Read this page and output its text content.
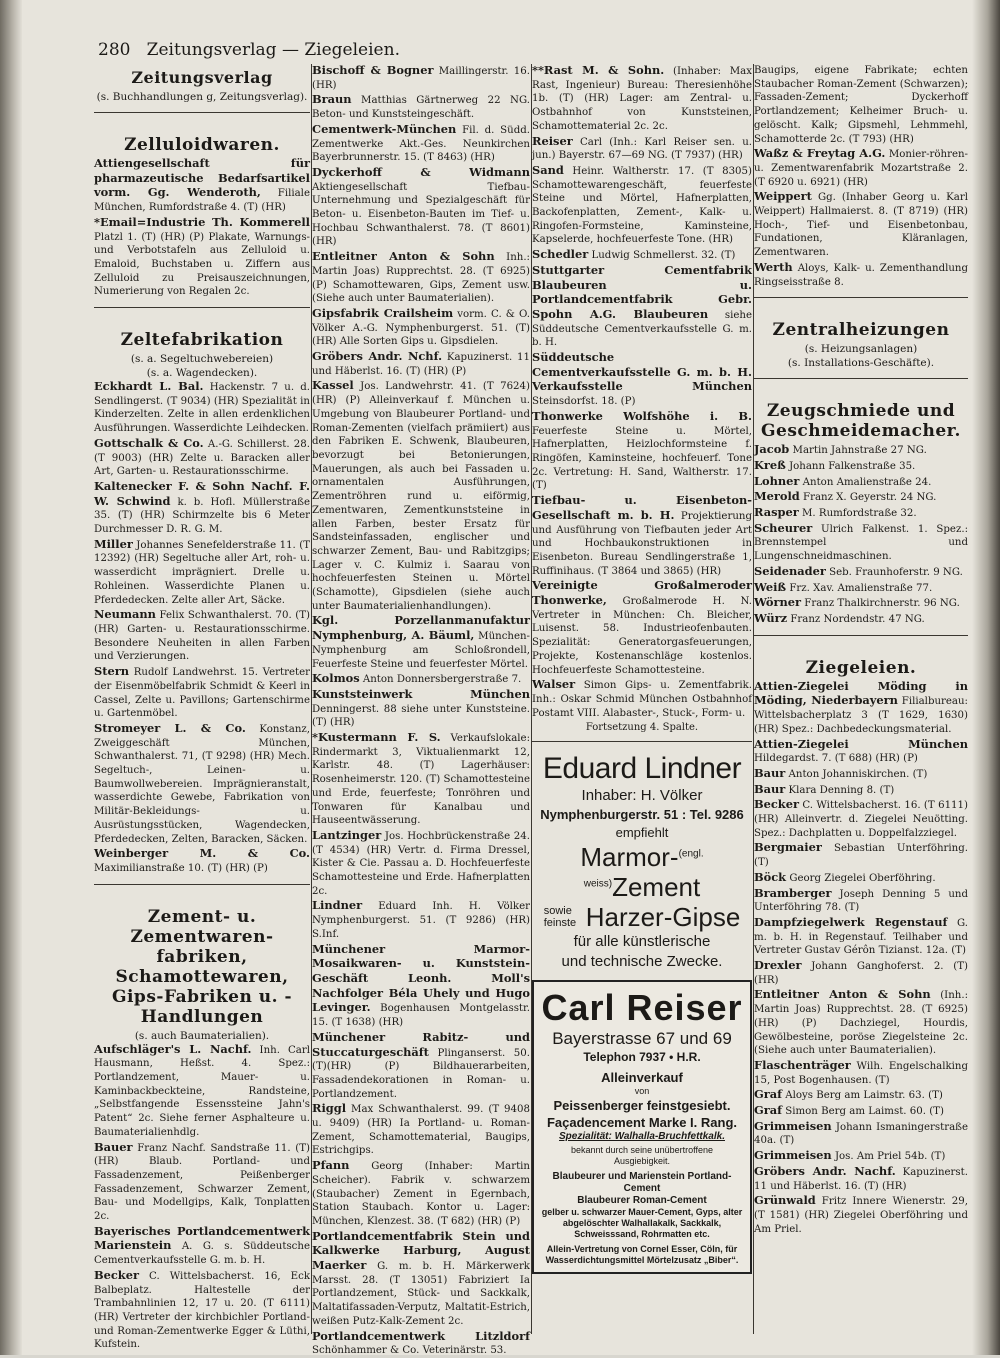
280 Zeitungsverlag — Ziegeleien.
Zeitungsverlag

(s. Buchhandlungen g, Zeitungsverlag).

Zelluloidwaren.

Attiengesellschaft für pharmazeutische Bedarfsartikel vorm. Gg. Wenderoth, Filiale München, Rumfordstraße 4. (T) (HR)

*Email=Industrie Th. Kommerell Platzl 1. (T) (HR) (P) Plakate, Warnungs- und Verbotstafeln aus Zelluloid u. Emaloid, Buchstaben u. Ziffern aus Zelluloid zu Preisauszeichnungen, Numerierung von Regalen 2c.

Zeltefabrikation

(s. a. Segeltuchwebereien)

(s. a. Wagendecken).

Eckhardt L. Bal. Hackenstr. 7 u. d. Sendlingerst. (T 9034) (HR) Spezialität in Kinderzelten. Zelte in allen erdenklichen Ausführungen. Wasserdichte Leihdecken.

Gottschalk & Co. A.-G. Schillerst. 28. (T 9003) (HR) Zelte u. Baracken aller Art, Garten- u. Restaurationsschirme.

Kaltenecker F. & Sohn Nachf. F. W. Schwind k. b. Hofl. Müllerstraße 35. (T) (HR) Schirmzelte bis 6 Meter Durchmesser D. R. G. M.

Miller Johannes Senefelderstraße 11. (T 12392) (HR) Segeltuche aller Art, roh- u. wasserdicht imprägniert. Drelle u. Rohleinen. Wasserdichte Planen u. Pferdedecken. Zelte aller Art, Säcke.

Neumann Felix Schwanthalerst. 70. (T) (HR) Garten- u. Restaurationsschirme. Besondere Neuheiten in allen Farben und Verzierungen.

Stern Rudolf Landwehrst. 15. Vertreter der Eisenmöbelfabrik Schmidt & Keerl in Cassel, Zelte u. Pavillons; Gartenschirme u. Gartenmöbel.

Stromeyer L. & Co. Konstanz, Zweiggeschäft München, Schwanthalerst. 71, (T 9298) (HR) Mech. Segeltuch-, Leinen- u. Baumwollwebereien. Imprägnieranstalt, wasserdichte Gewebe, Fabrikation von Militär-Bekleidungs- u. Ausrüstungsstücken, Wagendecken, Pferdedecken, Zelten, Baracken, Säcken.

Weinberger M. & Co. Maximilianstraße 10. (T) (HR) (P)

Zement- u. Zementwaren-fabriken, Schamottewaren, Gips-Fabriken u. -Handlungen

(s. auch Baumaterialien).

Aufschläger's L. Nachf. Inh. Carl Hausmann, Heßst. 4. Spez.: Portlandzement, Mauer- u. Kaminbackbeckteine, Randsteine, „Selbstfangende Essenssteine Jahn's Patent“ 2c. Siehe ferner Asphalteure u. Baumaterialienhdlg.

Bauer Franz Nachf. Sandstraße 11. (T) (HR) Blaub. Portland- und Fassadenzement, Peißenberger Fassadenzement, Schwarzer Zement, Bau- und Modellgips, Kalk, Tonplatten 2c.

Bayerisches Portlandcementwerk Marienstein A. G. s. Süddeutsche Cementverkaufsstelle G. m. b. H.

Becker C. Wittelsbacherst. 16, Eck Balbeplatz. Haltestelle der Trambahnlinien 12, 17 u. 20. (T 6111) (HR) Vertreter der kirchbichler Portland- und Roman-Zementwerke Egger & Lüthi, Kufstein.

Bischoff & Bogner Maillingerstr. 16. (HR)

Braun Matthias Gärtnerweg 22 NG. Beton- und Kunststeingeschäft.

Cementwerk-München Fil. d. Südd. Zementwerke Akt.-Ges. Neunkirchen Bayerbrunnerstr. 15. (T 8463) (HR)

Dyckerhoff & Widmann Aktiengesellschaft Tiefbau-Unternehmung und Spezialgeschäft für Beton- u. Eisenbeton-Bauten im Tief- u. Hochbau Schwanthalerst. 78. (T 8601) (HR)

Entleitner Anton & Sohn Inh.: Martin Joas) Rupprechtst. 28. (T 6925) (P) Schamottewaren, Gips, Zement usw. (Siehe auch unter Baumaterialien).

Gipsfabrik Crailsheim vorm. C. & O. Völker A.-G. Nymphenburgerst. 51. (T) (HR) Alle Sorten Gips u. Gipsdielen.

Gröbers Andr. Nchf. Kapuzinerst. 11 und Häberlst. 16. (T) (HR) (P)

Kassel Jos. Landwehrstr. 41. (T 7624) (HR) (P) Alleinverkauf f. München u. Umgebung von Blaubeurer Portland- und Roman-Zementen (vielfach prämiiert) aus den Fabriken E. Schwenk, Blaubeuren, bevorzugt bei Betonierungen, Mauerungen, als auch bei Fassaden u. ornamentalen Ausführungen, Zementröhren rund u. eiförmig, Zementwaren, Zementkunststeine in allen Farben, bester Ersatz für Sandsteinfassaden, englischer und schwarzer Zement, Bau- und Rabitzgips; Lager v. C. Kulmiz i. Saarau von hochfeuerfesten Steinen u. Mörtel (Schamotte), Gipsdielen (siehe auch unter Baumaterialienhandlungen).

Kgl. Porzellanmanufaktur Nymphenburg, A. Bäuml, München-Nymphenburg am Schloßrondell, Feuerfeste Steine und feuerfester Mörtel.

Kolmos Anton Donnersbergerstraße 7.

Kunststeinwerk München Denningerst. 88 siehe unter Kunststeine. (T) (HR)

*Kustermann F. S. Verkaufslokale: Rindermarkt 3, Viktualienmarkt 12, Karlstr. 48. (T) Lagerhäuser: Rosenheimerstr. 120. (T) Schamottesteine und Erde, feuerfeste; Tonröhren und Tonwaren für Kanalbau und Hauseentwässerung.

Lantzinger Jos. Hochbrückenstraße 24. (T 4534) (HR) Vertr. d. Firma Dressel, Kister & Cie. Passau a. D. Hochfeuerfeste Schamottesteine und Erde. Hafnerplatten 2c.

Lindner Eduard Inh. H. Völker Nymphenburgerst. 51. (T 9286) (HR) S.Inf.

Münchener Marmor-Mosaikwaren- u. Kunststein-Geschäft Leonh. Moll's Nachfolger Béla Uhely und Hugo Levinger. Bogenhausen Montgelasstr. 15. (T 1638) (HR)

Münchener Rabitz- und Stuccaturgeschäft Plinganserst. 50. (T)(HR) (P) Bildhauerarbeiten, Fassadendekorationen in Roman- u. Portlandzement.

Riggl Max Schwanthalerst. 99. (T 9408 u. 9409) (HR) Ia Portland- u. Roman-Zement, Schamottematerial, Baugips, Estrichgips.

Pfann Georg (Inhaber: Martin Scheicher). Fabrik v. schwarzem (Staubacher) Zement in Egernbach, Station Staubach. Kontor u. Lager: München, Klenzest. 38. (T 682) (HR) (P)

Portlandcementfabrik Stein und Kalkwerke Harburg, August Maerker G. m. b. H. Märkerwerk Marsst. 28. (T 13051) Fabriziert Ia Portlandzement, Stück- und Sackkalk, Maltatifassaden-Verputz, Maltatit-Estrich, weißen Putz-Kalk-Zement 2c.

Portlandcementwerk Litzldorf Schönhammer & Co. Veterinärstr. 53.

**Rast M. & Sohn. (Inhaber: Max Rast, Ingenieur) Bureau: Theresienhöhe 1b. (T) (HR) Lager: am Zentral- u. Ostbahnhof von Kunststeinen, Schamottematerial 2c. 2c.

Reiser Carl (Inh.: Karl Reiser sen. u. jun.) Bayerstr. 67—69 NG. (T 7937) (HR)

Sand Heinr. Waltherstr. 17. (T 8305) Schamottewarengeschäft, feuerfeste Steine und Mörtel, Hafnerplatten, Backofenplatten, Zement-, Kalk- u. Ringofen-Formsteine, Kaminsteine, Kapselerde, hochfeuerfeste Tone. (HR)

Schedler Ludwig Schmellerst. 32. (T)

Stuttgarter Cementfabrik Blaubeuren u. Portlandcementfabrik Gebr. Spohn A.G. Blaubeuren siehe Süddeutsche Cementverkaufsstelle G. m. b. H.

Süddeutsche Cementverkaufsstelle G. m. b. H. Verkaufsstelle München Steinsdorfst. 18. (P)

Thonwerke Wolfshöhe i. B. Feuerfeste Steine u. Mörtel, Hafnerplatten, Heizlochformsteine f. Ringöfen, Kaminsteine, hochfeuerf. Tone 2c. Vertretung: H. Sand, Waltherstr. 17. (T)

Tiefbau- u. Eisenbeton-Gesellschaft m. b. H. Projektierung und Ausführung von Tiefbauten jeder Art und Hochbaukonstruktionen in Eisenbeton. Bureau Sendlingerstraße 1, Ruffinihaus. (T 3864 und 3865) (HR)

Vereinigte Großalmeroder Thonwerke, Großalmerode H. N. Vertreter in München: Ch. Bleicher, Luisenst. 58. Industrieofenbauten. Spezialität: Generatorgasfeuerungen, Projekte, Kostenanschläge kostenlos. Hochfeuerfeste Schamottesteine.

Walser Simon Gips- u. Zementfabrik. Inh.: Oskar Schmid München Ostbahnhof Postamt VIII. Alabaster-, Stuck-, Form- u.

Fortsetzung 4. Spalte.
Eduard Lindner
Inhaber: H. Völker
Nymphenburgerstr. 51 : Tel. 9286
empfiehlt
Marmor-$^{(engl. weiss)}$Zement
sowie feinste Harzer-Gipse
für alle künstlerische
und technische Zwecke.
Carl Reiser
Bayerstrasse 67 und 69
Telephon 7937 • H.R.
Alleinverkauf
von
Peissenberger feinstgesiebt.
Façadencement Marke I. Rang.
Spezialität: Walhalla-Bruchfettkalk.
bekannt durch seine unübertroffene Ausgiebigkeit.
Blaubeurer und Marienstein Portland-Cement
Blaubeurer Roman-Cement
gelber u. schwarzer Mauer-Cement, Gyps, alter abgelöschter Walhallakalk, Sackkalk, Schweisssand, Rohrmatten etc.
Allein-Vertretung von Cornel Esser, Cöln, für Wasserdichtungsmittel Mörtelzusatz „Biber“.

Baugips, eigene Fabrikate; echten Staubacher Roman-Zement (Schwarzen); Fassaden-Zement; Dyckerhoff Portlandzement; Kelheimer Bruch- u. gelöscht. Kalk; Gipsmehl, Lehmmehl, Schamotterde 2c. (T 793) (HR)

Waßz & Freytag A.G. Monier-röhren- u. Zementwarenfabrik Mozartstraße 2. (T 6920 u. 6921) (HR)

Weippert Gg. (Inhaber Georg u. Karl Weippert) Hallmaierst. 8. (T 8719) (HR) Hoch-, Tief- und Eisenbetonbau, Fundationen, Kläranlagen, Zementwaren.

Werth Aloys, Kalk- u. Zementhandlung Ringseisstraße 8.

Zentralheizungen

(s. Heizungsanlagen)

(s. Installations-Geschäfte).

Zeugschmiede und Geschmeidemacher.

Jacob Martin Jahnstraße 27 NG.

Kreß Johann Falkenstraße 35.

Lohner Anton Amalienstraße 24.

Merold Franz X. Geyerstr. 24 NG.

Rasper M. Rumfordstraße 32.

Scheurer Ulrich Falkenst. 1. Spez.: Brennstempel und Lungenschneidmaschinen.

Seidenader Seb. Fraunhoferstr. 9 NG.

Weiß Frz. Xav. Amalienstraße 77.

Wörner Franz Thalkirchnerstr. 96 NG.

Würz Franz Nordendstr. 47 NG.

Ziegeleien.

Attien-Ziegelei Möding in Möding, Niederbayern Filialbureau: Wittelsbacherplatz 3 (T 1629, 1630) (HR) Spez.: Dachbedeckungsmaterial.

Attien-Ziegelei München Hildegardst. 7. (T 688) (HR) (P)

Baur Anton Johanniskirchen. (T)

Baur Klara Denning 8. (T)

Becker C. Wittelsbacherst. 16. (T 6111) (HR) Alleinvertr. d. Ziegelei Neuötting. Spez.: Dachplatten u. Doppelfalzziegel.

Bergmaier Sebastian Unterföhring. (T)

Böck Georg Ziegelei Oberföhring.

Bramberger Joseph Denning 5 und Unterföhring 78. (T)

Dampfziegelwerk Regenstauf G. m. b. H. in Regenstauf. Teilhaber und Vertreter Gustav Gérôn Tizianst. 12a. (T)

Drexler Johann Ganghoferst. 2. (T) (HR)

Entleitner Anton & Sohn (Inh.: Martin Joas) Rupprechtst. 28. (T 6925) (HR) (P) Dachziegel, Hourdis, Gewölbesteine, poröse Ziegelsteine 2c. (Siehe auch unter Baumaterialien).

Flaschenträger Wilh. Engelschalking 15, Post Bogenhausen. (T)

Graf Aloys Berg am Laimstr. 63. (T)

Graf Simon Berg am Laimst. 60. (T)

Grimmeisen Johann Ismaningerstraße 40a. (T)

Grimmeisen Jos. Am Priel 54b. (T)

Gröbers Andr. Nachf. Kapuzinerst. 11 und Häberlst. 16. (T) (HR)

Grünwald Fritz Innere Wienerstr. 29, (T 1581) (HR) Ziegelei Oberföhring und Am Priel.
